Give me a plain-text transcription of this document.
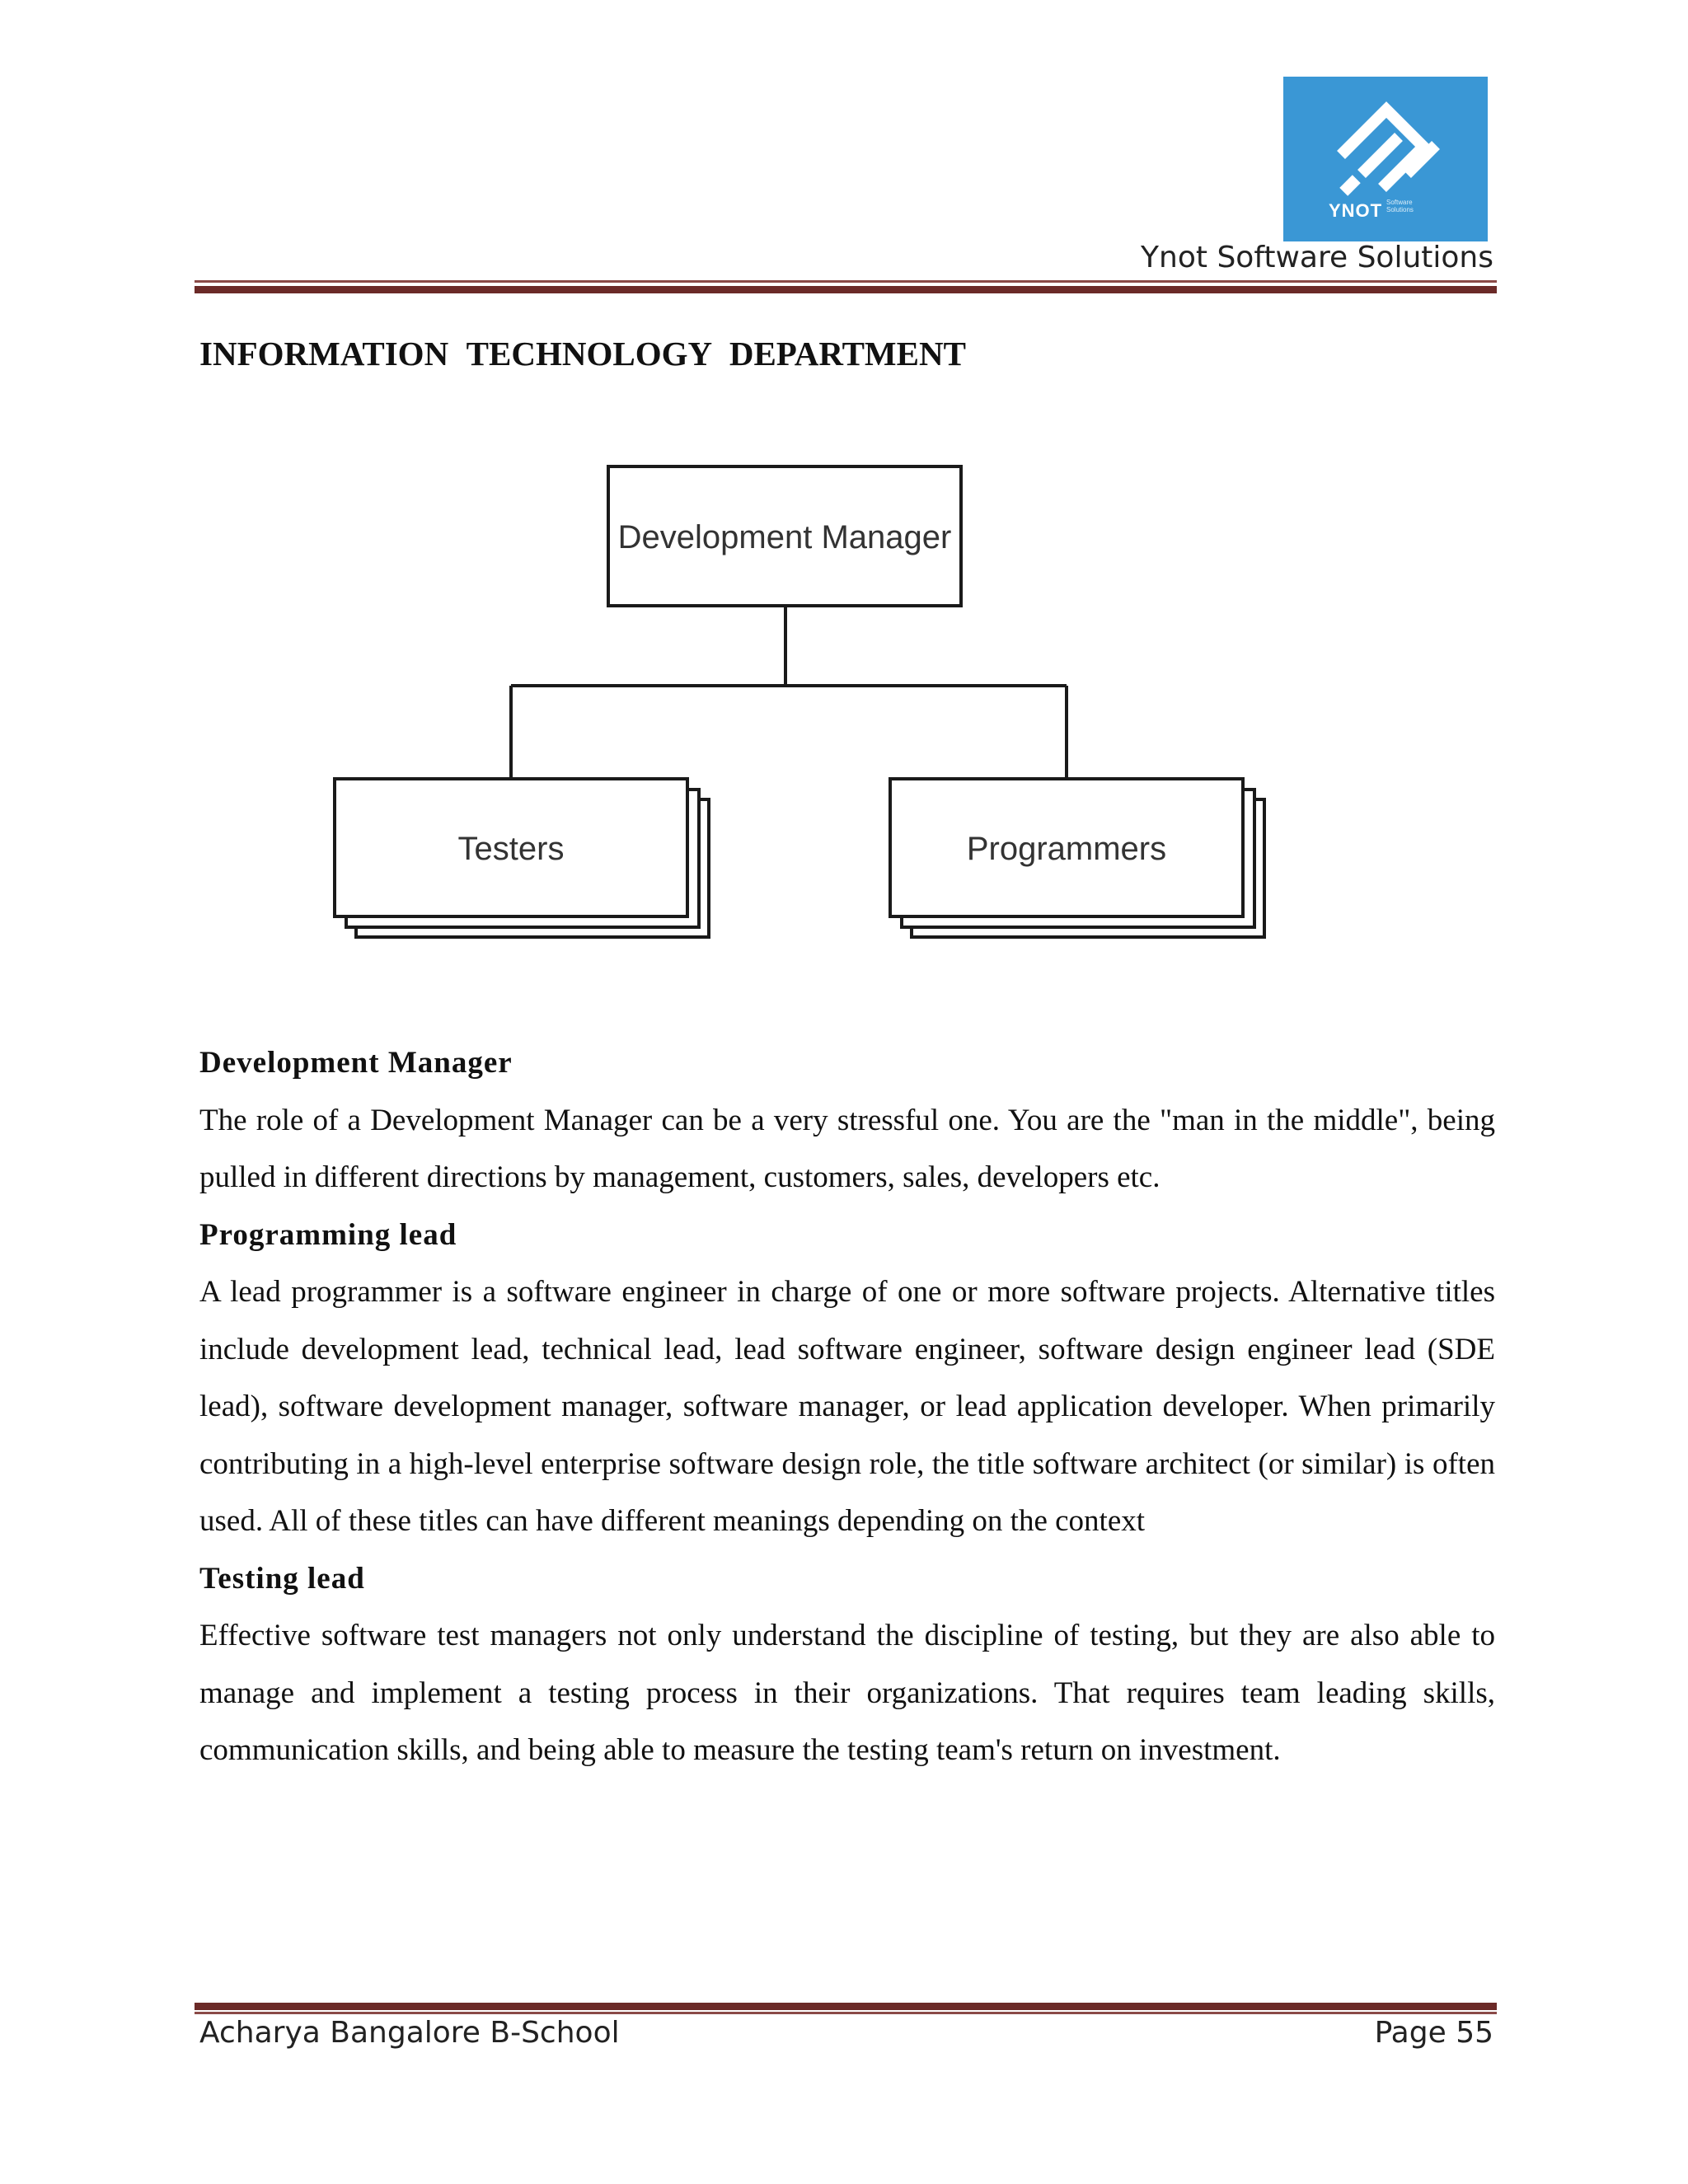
YNOT Software Solutions
Ynot Software Solutions
INFORMATION TECHNOLOGY DEPARTMENT
Development Manager
Testers	Programmers
Development Manager
The role of a Development Manager can be a very stressful one. You are the "man in the middle", being pulled in different directions by management, customers, sales, developers etc.
Programming lead
A lead programmer is a software engineer in charge of one or more software projects. Alternative titles include development lead, technical lead, lead software engineer, software design engineer lead (SDE lead), software development manager, software manager, or lead application developer. When primarily contributing in a high-level enterprise software design role, the title software architect (or similar) is often used. All of these titles can have different meanings depending on the context
Testing lead
Effective software test managers not only understand the discipline of testing, but they are also able to manage and implement a testing process in their organizations. That requires team leading skills, communication skills, and being able to measure the testing team's return on investment.
Acharya Bangalore B-School	Page 55
